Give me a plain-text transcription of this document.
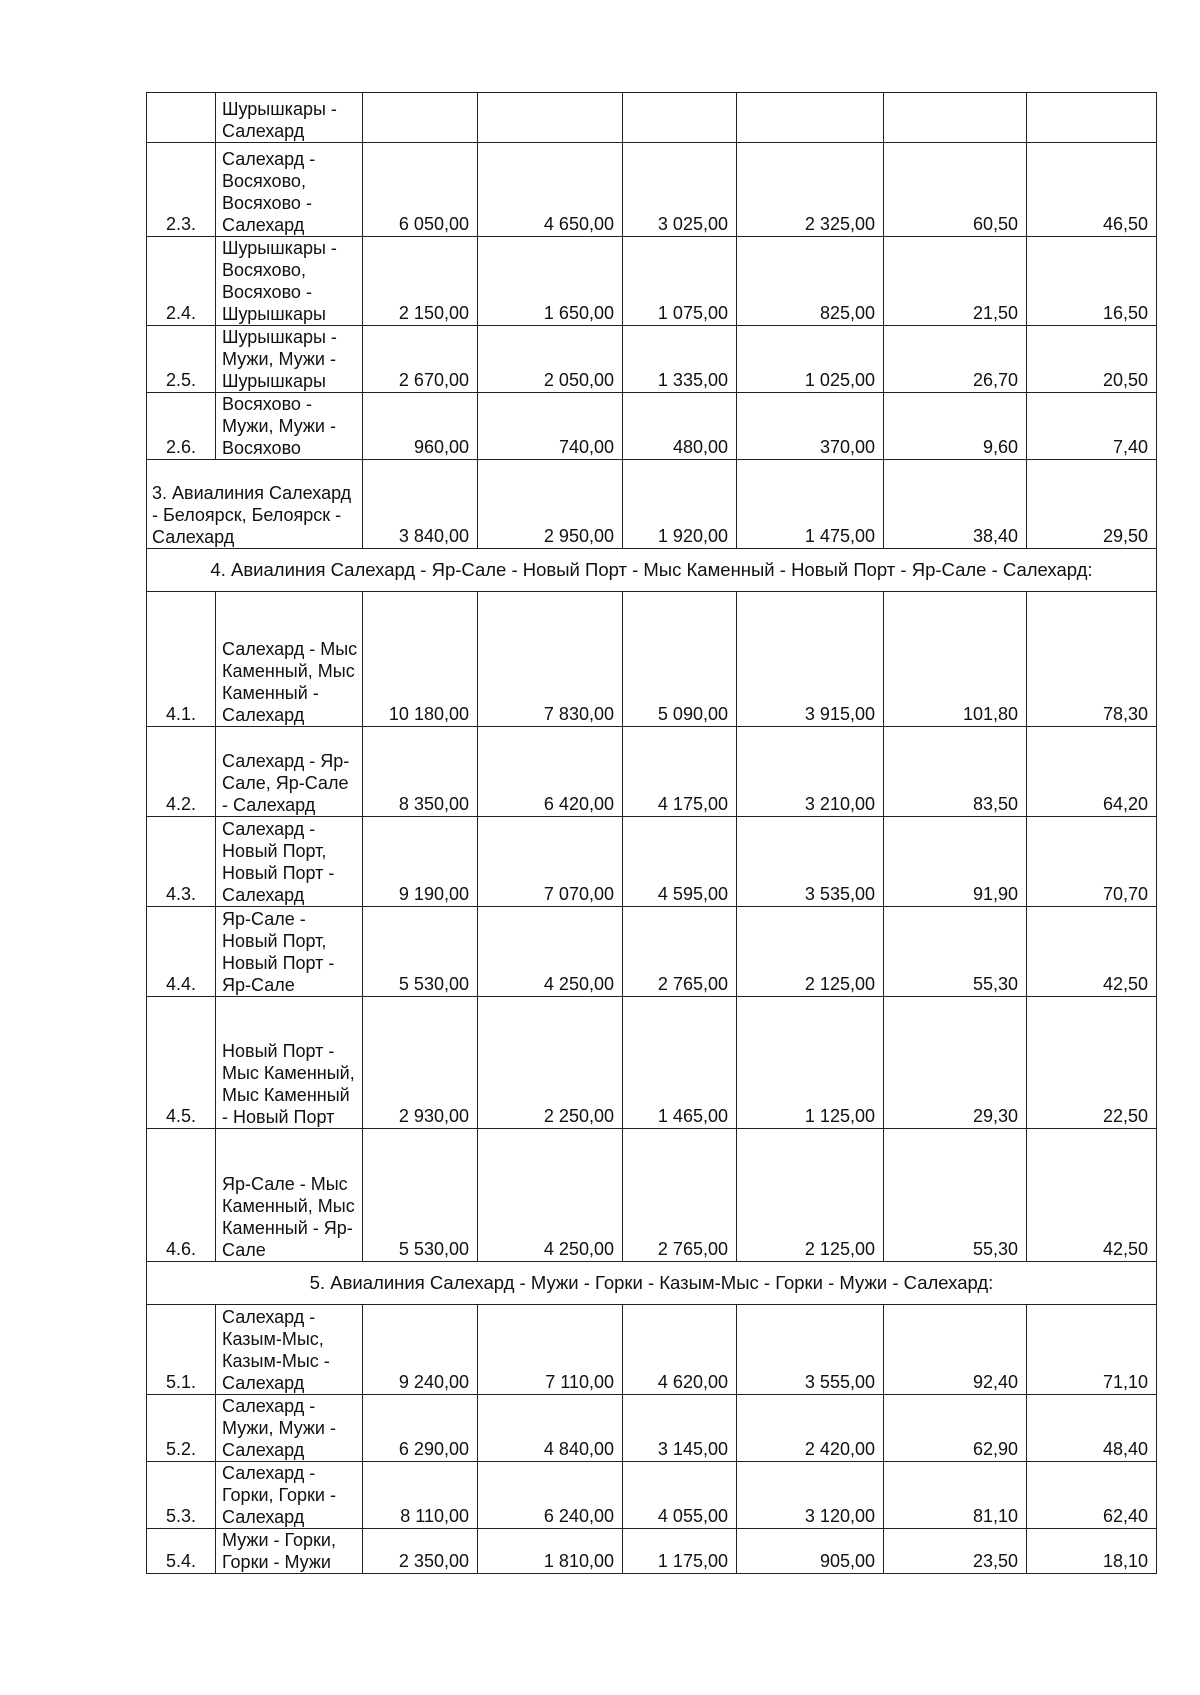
	Шурышкары - Салехард						
2.3.	Салехард - Восяхово, Восяхово - Салехард	6 050,00	4 650,00	3 025,00	2 325,00	60,50	46,50
2.4.	Шурышкары - Восяхово, Восяхово - Шурышкары	2 150,00	1 650,00	1 075,00	825,00	21,50	16,50
2.5.	Шурышкары - Мужи, Мужи - Шурышкары	2 670,00	2 050,00	1 335,00	1 025,00	26,70	20,50
2.6.	Восяхово - Мужи, Мужи - Восяхово	960,00	740,00	480,00	370,00	9,60	7,40
3. Авиалиния Салехард - Белоярск, Белоярск - Салехард		3 840,00	2 950,00	1 920,00	1 475,00	38,40	29,50
4. Авиалиния Салехард - Яр-Сале - Новый Порт - Мыс Каменный - Новый Порт - Яр-Сале - Салехард:							
4.1.	Салехард - Мыс Каменный, Мыс Каменный - Салехард	10 180,00	7 830,00	5 090,00	3 915,00	101,80	78,30
4.2.	Салехард - Яр-Сале, Яр-Сале - Салехард	8 350,00	6 420,00	4 175,00	3 210,00	83,50	64,20
4.3.	Салехард - Новый Порт, Новый Порт - Салехард	9 190,00	7 070,00	4 595,00	3 535,00	91,90	70,70
4.4.	Яр-Сале - Новый Порт, Новый Порт - Яр-Сале	5 530,00	4 250,00	2 765,00	2 125,00	55,30	42,50
4.5.	Новый Порт - Мыс Каменный, Мыс Каменный - Новый Порт	2 930,00	2 250,00	1 465,00	1 125,00	29,30	22,50
4.6.	Яр-Сале - Мыс Каменный, Мыс Каменный - Яр-Сале	5 530,00	4 250,00	2 765,00	2 125,00	55,30	42,50
5. Авиалиния Салехард - Мужи - Горки - Казым-Мыс - Горки - Мужи - Салехард:							
5.1.	Салехард - Казым-Мыс, Казым-Мыс - Салехард	9 240,00	7 110,00	4 620,00	3 555,00	92,40	71,10
5.2.	Салехард - Мужи, Мужи - Салехард	6 290,00	4 840,00	3 145,00	2 420,00	62,90	48,40
5.3.	Салехард - Горки, Горки - Салехард	8 110,00	6 240,00	4 055,00	3 120,00	81,10	62,40
5.4.	Мужи - Горки, Горки - Мужи	2 350,00	1 810,00	1 175,00	905,00	23,50	18,10
